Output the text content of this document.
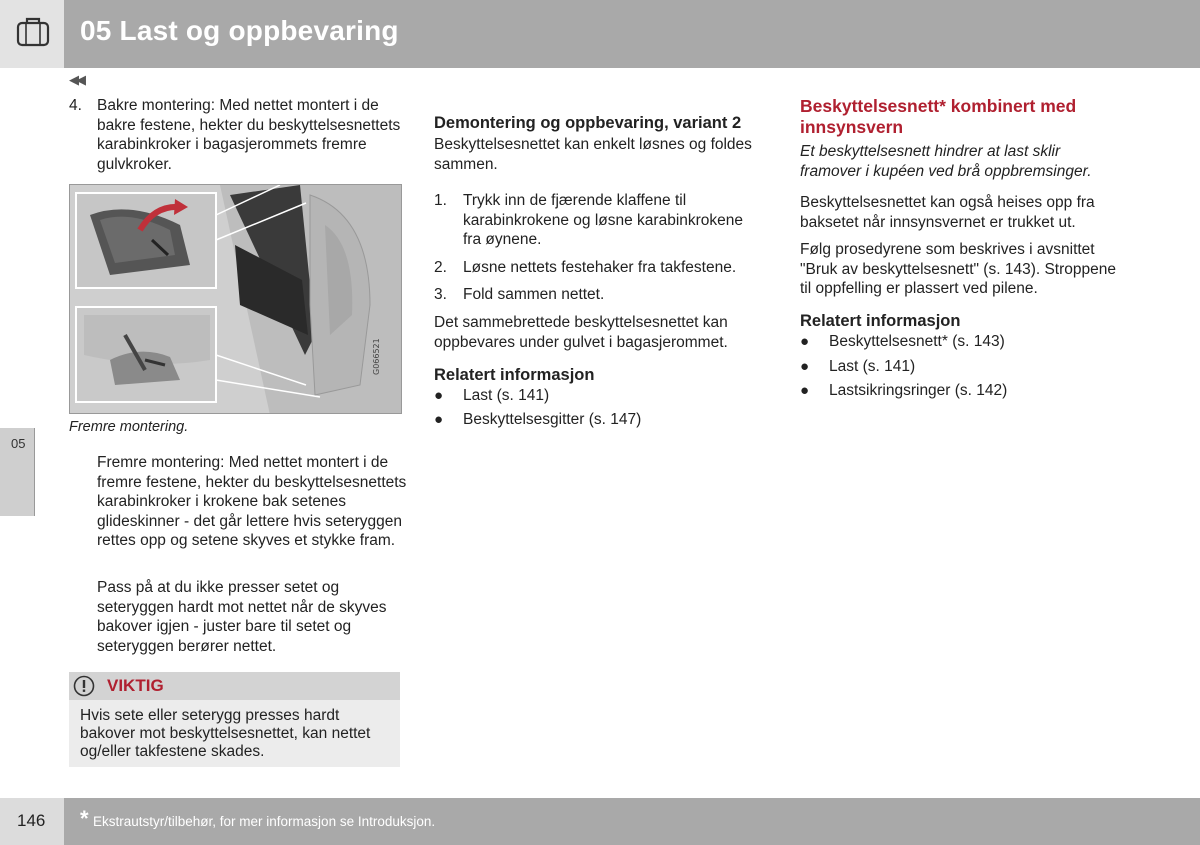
05 Last og oppbevaring
◀◀
05
4. Bakre montering: Med nettet montert i de bakre festene, hekter du beskyttelsesnettets karabinkroker i bagasjerommets fremre gulvkroker.
G066521
Fremre montering.
Fremre montering: Med nettet montert i de fremre festene, hekter du beskyttelsesnettets karabinkroker i krokene bak setenes glideskinner - det går lettere hvis seteryggen rettes opp og setene skyves et stykke fram.
Pass på at du ikke presser setet og seteryggen hardt mot nettet når de skyves bakover igjen - juster bare til setet og seteryggen berører nettet.
VIKTIG
Hvis sete eller seterygg presses hardt bakover mot beskyttelsesnettet, kan nettet og/eller takfestene skades.
Demontering og oppbevaring, variant 2
Beskyttelsesnettet kan enkelt løsnes og foldes sammen.
1. Trykk inn de fjærende klaffene til karabinkrokene og løsne karabinkrokene fra øynene.
2. Løsne nettets festehaker fra takfestene.
3. Fold sammen nettet.
Det sammebrettede beskyttelsesnettet kan oppbevares under gulvet i bagasjerommet.
Relatert informasjon
● Last (s. 141)
● Beskyttelsesgitter (s. 147)
Beskyttelsesnett* kombinert med innsynsvern
Et beskyttelsesnett hindrer at last sklir framover i kupéen ved brå oppbremsinger.
Beskyttelsesnettet kan også heises opp fra baksetet når innsynsvernet er trukket ut.
Følg prosedyrene som beskrives i avsnittet "Bruk av beskyttelsesnett" (s. 143). Stroppene til oppfelling er plassert ved pilene.
Relatert informasjon
● Beskyttelsesnett* (s. 143)
● Last (s. 141)
● Lastsikringsringer (s. 142)
146 * Ekstrautstyr/tilbehør, for mer informasjon se Introduksjon.
